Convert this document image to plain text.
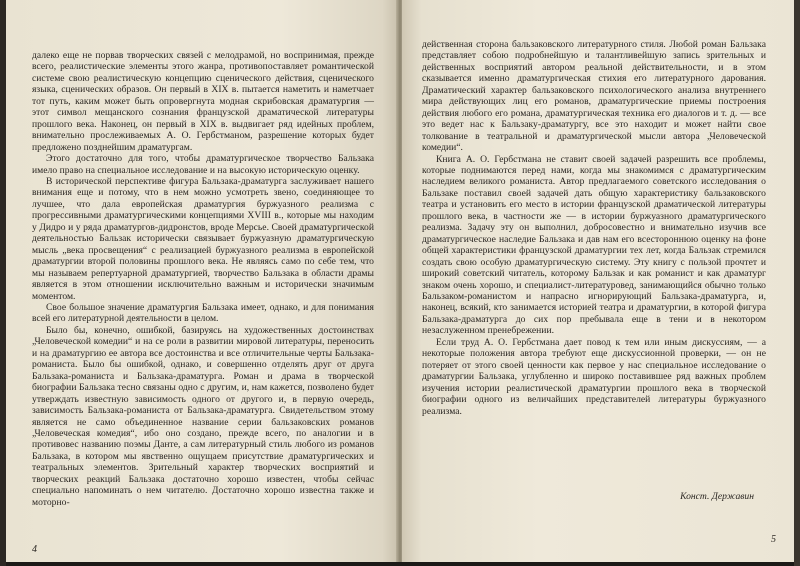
далеко еще не порвав творческих связей с мелодрамой, но воспринимая, прежде всего, реалистические элементы этого жанра, противопоставляет романтической системе свою реалистическую концепцию сценического действия, сценического языка, сценических образов. Он первый в XIX в. пытается наметить и наметчает тот путь, каким может быть опровергнута модная скрибовская драматургия — этот символ мещанского сознания французской драматической литературы прошлого века. Наконец, он первый в XIX в. выдвигает ряд идейных проблем, внимательно прослеживаемых А. О. Гербстманом, разрешение которых будет предложено позднейшим драматургам.

Этого достаточно для того, чтобы драматургическое творчество Бальзака имело право на специальное исследование и на высокую историческую оценку.

В исторической перспективе фигура Бальзака-драматурга заслуживает нашего внимания еще и потому, что в нем можно усмотреть звено, соединяющее то лучшее, что дала европейская драматургия буржуазного реализма с прогрессивными драматургическими концепциями XVIII в., которые мы находим у Дидро и у ряда драматургов-дидронстов, вроде Мерсье. Своей драматургической деятельностью Бальзак исторически связывает буржуазную драматургическую мысль „века просвещения“ с реализацией буржуазного реализма в европейской драматургии второй половины прошлого века. Не являясь само по себе тем, что мы называем репертуарной драматургией, творчество Бальзака в области драмы является в этом отношении исключительно важным и исторически значимым моментом.

Свое большое значение драматургия Бальзака имеет, однако, и для понимания всей его литературной деятельности в целом.

Было бы, конечно, ошибкой, базируясь на художественных достоинствах „Человеческой комедии“ и на се роли в развитии мировой литературы, переносить и на драматургию ее автора все достоинства и все отличительные черты Бальзака-романиста. Было бы ошибкой, однако, и совершенно отделять друг от друга Бальзака-романиста и Бальзака-драматурга. Роман и драма в творческой биографии Бальзака тесно связаны одно с другим, и, нам кажется, позволено будет утверждать известную зависимость одного от другого и, в первую очередь, зависимость Бальзака-романиста от Бальзака-драматурга. Свидетельством этому является не само объединенное название серии бальзаковских романов „Человеческая комедия“, ибо оно создано, прежде всего, по аналогии и в противовес названию поэмы Данте, а сам литературный стиль любого из романов Бальзака, в котором мы явственно ощущаем присутствие драматургических и театральных элементов. Зрительный характер творческих восприятий и творческих реакций Бальзака достаточно хорошо известен, чтобы сейчас специально напоминать о нем читателю. Достаточно хорошо известна также и моторно-

4

действенная сторона бальзаковского литературного стиля. Любой роман Бальзака представляет собою подробнейшую и талантливейшую запись зрительных и действенных восприятий автором реальной действительности, и в этом сказывается именно драматургическая стихия его литературного дарования. Драматический характер бальзаковского психологического анализа внутреннего мира действующих лиц его романов, драматургические приемы построения действия любого его романа, драматургическая техника его диалогов и т. д. — все это ведет нас к Бальзаку-драматургу, все это находит и может найти свое толкование в театральной и драматургической мысли автора „Человеческой комедии“.

Книга А. О. Гербстмана не ставит своей задачей разрешить все проблемы, которые поднимаются перед нами, когда мы знакомимся с драматургическим наследием великого романиста. Автор предлагаемого советского исследования о Бальзаке поставил своей задачей дать общую характеристику бальзаковского театра и установить его место в истории французской драматической литературы прошлого века, в частности же — в истории буржуазного драматургического реализма. Задачу эту он выполнил, добросовестно и внимательно изучив все драматургическое наследие Бальзака и дав нам его всестороннюю оценку на фоне общей характеристики французской драматургии тех лет, когда Бальзак стремился создать свою особую драматургическую систему. Эту книгу с пользой прочтет и широкий советский читатель, которому Бальзак и как романист и как драматург знаком очень хорошо, и специалист-литературовед, занимающийся обычно только Бальзаком-романистом и напрасно игнорирующий Бальзака-драматурга, и, наконец, всякий, кто занимается историей театра и драматургии, в которой фигура Бальзака-драматурга до сих пор пребывала еще в тени и в некотором незаслуженном пренебрежении.

Если труд А. О. Гербстмана дает повод к тем или иным дискуссиям, — а некоторые положения автора требуют еще дискуссионной проверки, — он не потеряет от этого своей ценности как первое у нас специальное исследование о драматургии Бальзака, углубленно и широко поставившее ряд важных проблем изучения истории реалистической драматургии прошлого века в творческой биографии одного из величайших представителей литературы буржуазного реализма.

Конст. Державин
5
